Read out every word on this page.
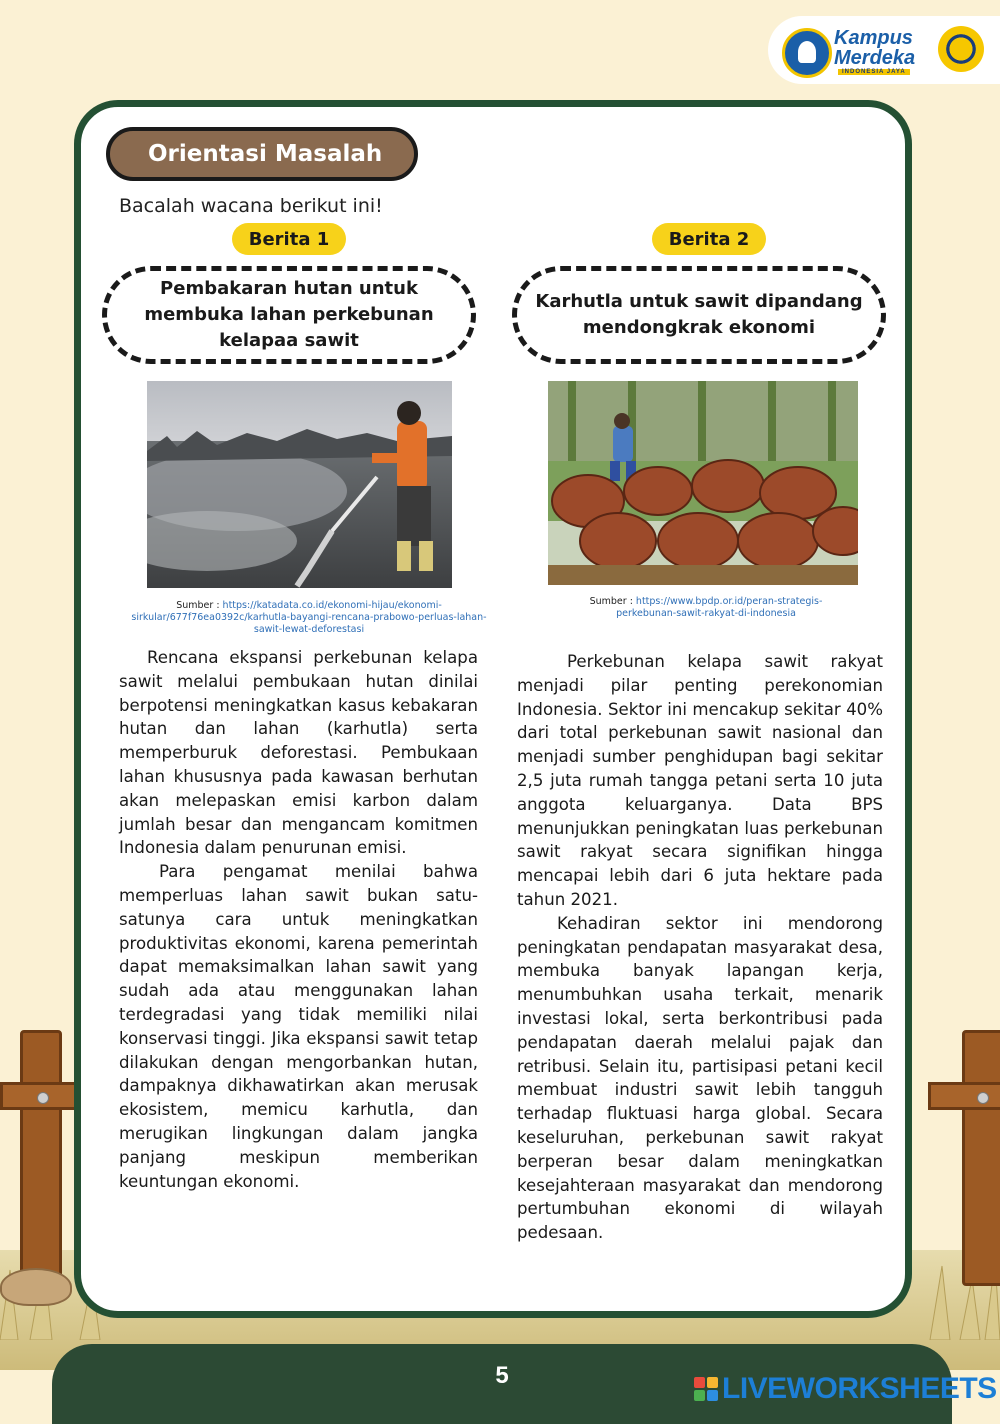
Kampus
Merdeka
INDONESIA JAYA
Orientasi Masalah
Bacalah wacana berikut ini!
Berita 1
Pembakaran hutan untuk membuka lahan perkebunan kelapaa sawit
Sumber : https://katadata.co.id/ekonomi-hijau/ekonomi-sirkular/677f76ea0392c/karhutla-bayangi-rencana-prabowo-perluas-lahan-sawit-lewat-deforestasi

Rencana ekspansi perkebunan kelapa sawit melalui pembukaan hutan dinilai berpotensi meningkatkan kasus kebakaran hutan dan lahan (karhutla) serta memperburuk deforestasi. Pembukaan lahan khususnya pada kawasan berhutan akan melepaskan emisi karbon dalam jumlah besar dan mengancam komitmen Indonesia dalam penurunan emisi.

Para pengamat menilai bahwa memperluas lahan sawit bukan satu-satunya cara untuk meningkatkan produktivitas ekonomi, karena pemerintah dapat memaksimalkan lahan sawit yang sudah ada atau menggunakan lahan terdegradasi yang tidak memiliki nilai konservasi tinggi. Jika ekspansi sawit tetap dilakukan dengan mengorbankan hutan, dampaknya dikhawatirkan akan merusak ekosistem, memicu karhutla, dan merugikan lingkungan dalam jangka panjang meskipun memberikan keuntungan ekonomi.

Berita 2
Karhutla untuk sawit dipandang mendongkrak ekonomi
Sumber : https://www.bpdp.or.id/peran-strategis-perkebunan-sawit-rakyat-di-indonesia

Perkebunan kelapa sawit rakyat menjadi pilar penting perekonomian Indonesia. Sektor ini mencakup sekitar 40% dari total perkebunan sawit nasional dan menjadi sumber penghidupan bagi sekitar 2,5 juta rumah tangga petani serta 10 juta anggota keluarganya. Data BPS menunjukkan peningkatan luas perkebunan sawit rakyat secara signifikan hingga mencapai lebih dari 6 juta hektare pada tahun 2021.

Kehadiran sektor ini mendorong peningkatan pendapatan masyarakat desa, membuka banyak lapangan kerja, menumbuhkan usaha terkait, menarik investasi lokal, serta berkontribusi pada pendapatan daerah melalui pajak dan retribusi. Selain itu, partisipasi petani kecil membuat industri sawit lebih tangguh terhadap fluktuasi harga global. Secara keseluruhan, perkebunan sawit rakyat berperan besar dalam meningkatkan kesejahteraan masyarakat dan mendorong pertumbuhan ekonomi di wilayah pedesaan.

5	LIVEWORKSHEETS
